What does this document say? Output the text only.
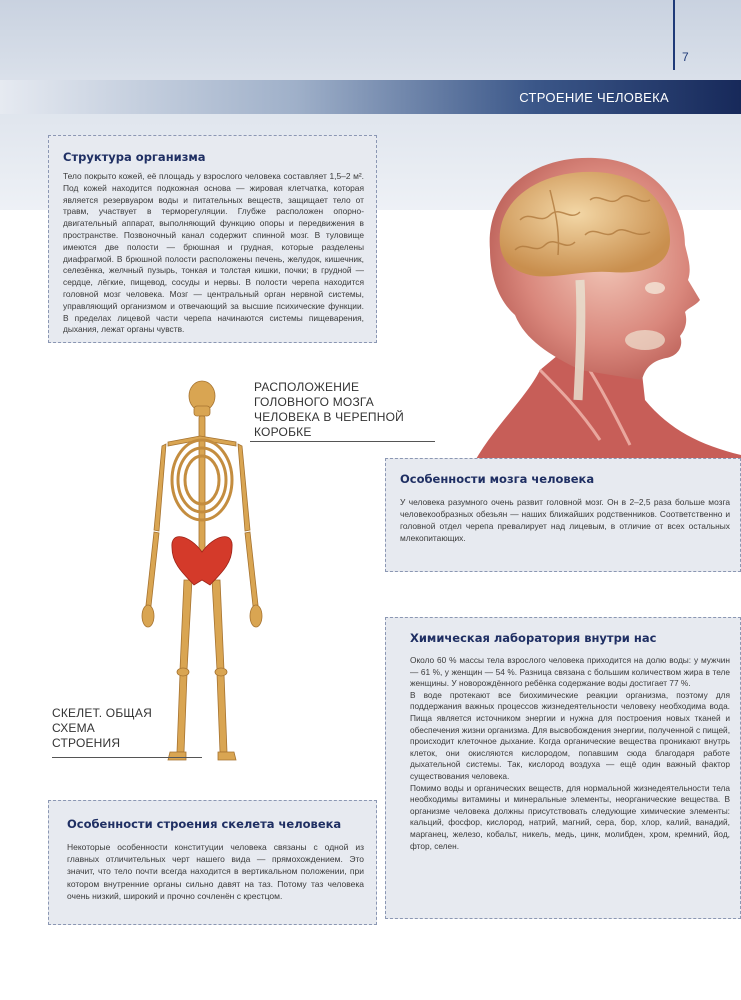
7
СТРОЕНИЕ ЧЕЛОВЕКА
Структура организма

Тело покрыто кожей, её площадь у взрослого человека составляет 1,5–2 м². Под кожей находится подкожная основа — жировая клетчатка, которая является резервуаром воды и питательных веществ, защищает тело от травм, участвует в терморегуляции. Глубже расположен опорно-двигательный аппарат, выполняющий функцию опоры и передвижения в пространстве. Позвоночный канал содержит спинной мозг. В туловище имеются две полости — брюшная и грудная, которые разделены диафрагмой. В брюшной полости расположены печень, желудок, кишечник, селезёнка, желчный пузырь, тонкая и толстая кишки, почки; в грудной — сердце, лёгкие, пищевод, сосуды и нервы. В полости черепа находится головной мозг человека. Мозг — центральный орган нервной системы, управляющий организмом и отвечающий за высшие психические функции. В пределах лицевой части черепа начинаются системы пищеварения, дыхания, лежат органы чувств.

РАСПОЛОЖЕНИЕ ГОЛОВНОГО МОЗГА ЧЕЛОВЕКА В ЧЕРЕПНОЙ КОРОБКЕ
Особенности мозга человека

У человека разумного очень развит головной мозг. Он в 2–2,5 раза больше мозга человекообразных обезьян — наших ближайших родственников. Соответственно и головной отдел черепа превалирует над лицевым, в отличие от всех остальных млекопитающих.

Химическая лаборатория внутри нас

Около 60 % массы тела взрослого человека приходится на долю воды: у мужчин — 61 %, у женщин — 54 %. Разница связана с большим количеством жира в теле женщины. У новорождённого ребёнка содержание воды достигает 77 %.

В воде протекают все биохимические реакции организма, поэтому для поддержания важных процессов жизнедеятельности человеку необходима вода. Пища является источником энергии и нужна для построения новых тканей и обеспечения жизни организма. Для высвобождения энергии, полученной с пищей, происходит клеточное дыхание. Когда органические вещества проникают внутрь клеток, они окисляются кислородом, попавшим сюда благодаря работе дыхательной системы. Так, кислород воздуха — ещё один важный фактор существования человека.

Помимо воды и органических веществ, для нормальной жизнедеятельности тела необходимы витамины и минеральные элементы, неорганические вещества. В организме человека должны присутствовать следующие химические элементы: кальций, фосфор, кислород, натрий, магний, сера, бор, хлор, калий, ванадий, марганец, железо, кобальт, никель, медь, цинк, молибден, хром, кремний, йод, фтор, селен.

СКЕЛЕТ. ОБЩАЯ СХЕМА СТРОЕНИЯ
Особенности строения скелета человека

Некоторые особенности конституции человека связаны с одной из главных отличительных черт нашего вида — прямохождением. Это значит, что тело почти всегда находится в вертикальном положении, при котором внутренние органы сильно давят на таз. Потому таз человека очень низкий, широкий и прочно сочленён с крестцом.
